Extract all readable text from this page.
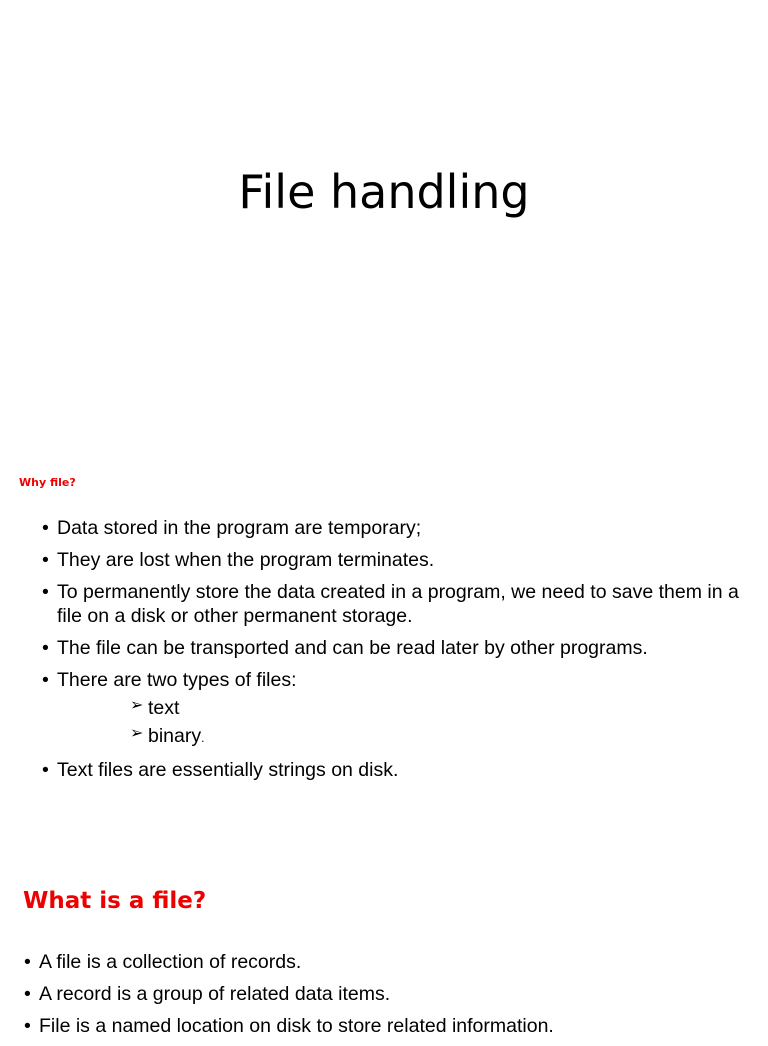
File handling
Why file?
• Data stored in the program are temporary;
• They are lost when the program terminates.
• To permanently store the data created in a program, we need to save them in a file on a disk or other permanent storage.
• The file can be transported and can be read later by other programs.
• There are two types of files:
➢ text
➢ binary.
• Text files are essentially strings on disk.
What is a file?
• A file is a collection of records.
• A record is a group of related data items.
• File is a named location on disk to store related information.
